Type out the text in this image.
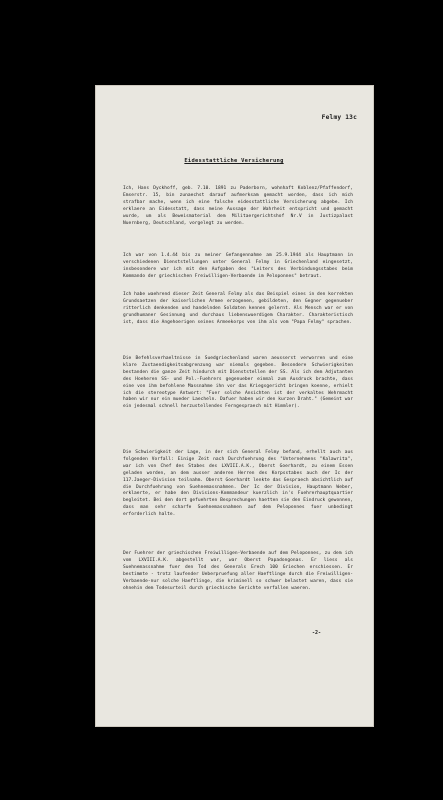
Felmy 13c
Eidesstattliche Versicherung
Ich, Hans Dyckhoff, geb. 7.10. 1891 zu Paderborn, wohnhaft Koblenz/Pfaffendorf, Emserstr. 15, bin zunaechst darauf aufmerksam gemacht worden, dass ich mich strafbar mache, wenn ich eine falsche eidesstattliche Versicherung abgebe. Ich erklaere an Eidesstatt, dass meine Aussage der Wahrheit entspricht und gemacht wurde, um als Beweismaterial dem Militaergerichtshof Nr.V in Justizpalast Nuernberg, Deutschland, vorgelegt zu werden.
Ich war von 1.4.44 bis zu meiner Gefangennahme am 25.9.1944 als Hauptmann in verschiedenen Dienststellungen unter General Felmy in Griechenland eingesetzt, insbesondere war ich mit den Aufgaben des "Leiters des Verbindungsstabes beim Kommando der griechischen Freiwilligen-Verbaende im Peloponnes" betraut.
Ich habe waehrend dieser Zeit General Felmy als das Beispiel eines in den korrekten Grundsaetzen der kaiserlichen Armee erzogenen, gebildeten, den Gegner gegenueber ritterlich denkenden und handelnden Soldaten kennen gelernt. Als Mensch war er von grundhumaner Gesinnung und durchaus liebenswuerdigem Charakter. Charakteristisch ist, dass die Angehoerigen seines Armeekorps von ihm als vom "Papa Felmy" sprachen.
Die Befehlsverhaeltnisse in Suedgriechenland waren aeusserst verworren und eine klare Zustaendigkeitsabgrenzung war niemals gegeben. Besondere Schwierigkeiten bestanden die ganze Zeit hindurch mit Dienststellen der SS. Als ich dem Adjutanten des Hoeheren SS- und Pol.-Fuehrers gegenueber einmal zum Ausdruck brachte, dass eine von ihm befohlene Massnahme ihn vor das Kriegsgericht bringen koenne, erhielt ich die stereotype Antwort: "Fuer solche Ansichten ist der verkaltes Wehrmacht haben wir nur ein mueder Laecheln. Dafuer haben wir den kurzen Draht." (Gemeint war ein jedesmal schnell herzustellendes Ferngespraech mit Himmler).
Die Schwierigkeit der Lage, in der sich General Felmy befand, erhellt auch aus folgenden Vorfall: Einige Zeit nach Durchfuehrung des "Unternehmens "Kalawrita", war ich von Chef des Stabes des LXVIII.A.K., Oberst Goerhardt, zu einem Essen geladen worden, an dem ausser anderen Herren des Korpsstabes auch der Ic der 117.Jaeger-Division teilnahm. Oberst Goerhardt lenkte das Gespraech absichtlich auf die Durchfuehrung von Suehnemassnahmen. Der Ic der Division, Hauptmann Weber, erklaerte, er habe den Divisions-Kommandeur kuerzlich in's Fuehrerhauptquartier begleitet. Bei den dort gefuehrten Besprechungen haetten sie den Eindruck gewonnen, dass man sehr scharfe Suehnemassnahmen auf dem Peloponnes fuer unbedingt erforderlich halte.
Der Fuehrer der griechischen Freiwilligen-Verbaende auf dem Peloponnes, zu dem ich vom LXVIII.A.K. abgestellt war, war Oberst Papadongonas. Er liess als Suehnemassnahme fuer den Tod des Generals Erech 100 Griechen erschiessen. Er bestimmte - trotz laufender Ueberpruefung aller Haeftlinge durch die Freiwilligen-Verbaende-nur solche Haeftlinge, die kriminell so schwer belastet waren, dass sie ohnehin dem Todesurteil durch griechische Gerichte verfallen waeren.
-2-
